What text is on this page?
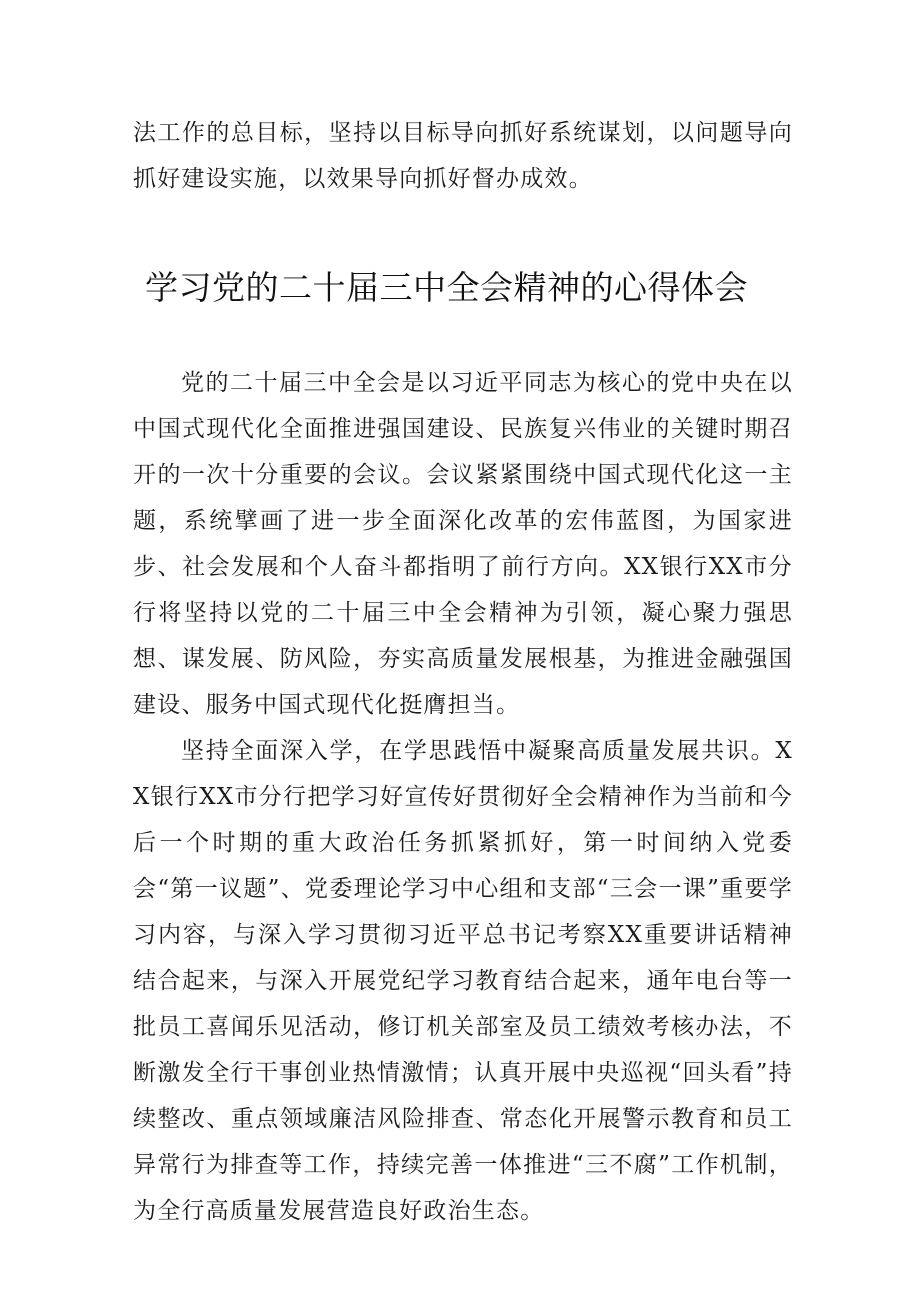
法工作的总目标，坚持以目标导向抓好系统谋划，以问题导向抓好建设实施，以效果导向抓好督办成效。

学习党的二十届三中全会精神的心得体会

党的二十届三中全会是以习近平同志为核心的党中央在以中国式现代化全面推进强国建设、民族复兴伟业的关键时期召开的一次十分重要的会议。会议紧紧围绕中国式现代化这一主题，系统擘画了进一步全面深化改革的宏伟蓝图，为国家进步、社会发展和个人奋斗都指明了前行方向。XX银行XX市分行将坚持以党的二十届三中全会精神为引领，凝心聚力强思想、谋发展、防风险，夯实高质量发展根基，为推进金融强国建设、服务中国式现代化挺膺担当。

坚持全面深入学，在学思践悟中凝聚高质量发展共识。XX银行XX市分行把学习好宣传好贯彻好全会精神作为当前和今后一个时期的重大政治任务抓紧抓好，第一时间纳入党委会“第一议题”、党委理论学习中心组和支部“三会一课”重要学习内容，与深入学习贯彻习近平总书记考察XX重要讲话精神结合起来，与深入开展党纪学习教育结合起来，通年电台等一批员工喜闻乐见活动，修订机关部室及员工绩效考核办法，不断激发全行干事创业热情激情；认真开展中央巡视“回头看”持续整改、重点领域廉洁风险排查、常态化开展警示教育和员工异常行为排查等工作，持续完善一体推进“三不腐”工作机制，为全行高质量发展营造良好政治生态。
